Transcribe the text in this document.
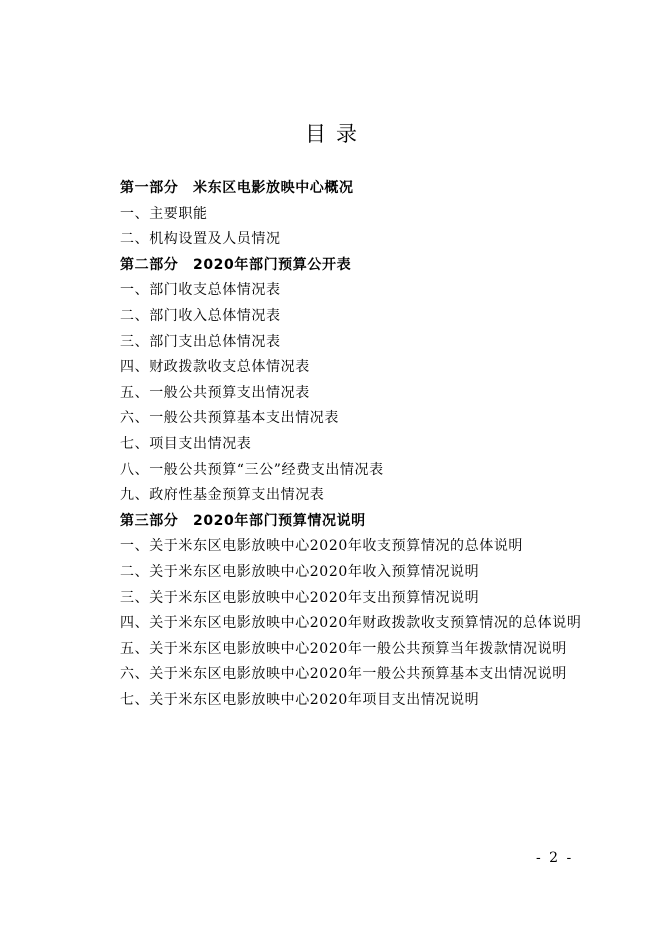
目录
第一部分　米东区电影放映中心概况
一、主要职能
二、机构设置及人员情况
第二部分　2020年部门预算公开表
一、部门收支总体情况表
二、部门收入总体情况表
三、部门支出总体情况表
四、财政拨款收支总体情况表
五、一般公共预算支出情况表
六、一般公共预算基本支出情况表
七、项目支出情况表
八、一般公共预算“三公”经费支出情况表
九、政府性基金预算支出情况表
第三部分　2020年部门预算情况说明
一、关于米东区电影放映中心2020年收支预算情况的总体说明
二、关于米东区电影放映中心2020年收入预算情况说明
三、关于米东区电影放映中心2020年支出预算情况说明
四、关于米东区电影放映中心2020年财政拨款收支预算情况的总体说明
五、关于米东区电影放映中心2020年一般公共预算当年拨款情况说明
六、关于米东区电影放映中心2020年一般公共预算基本支出情况说明
七、关于米东区电影放映中心2020年项目支出情况说明
- 2 -
